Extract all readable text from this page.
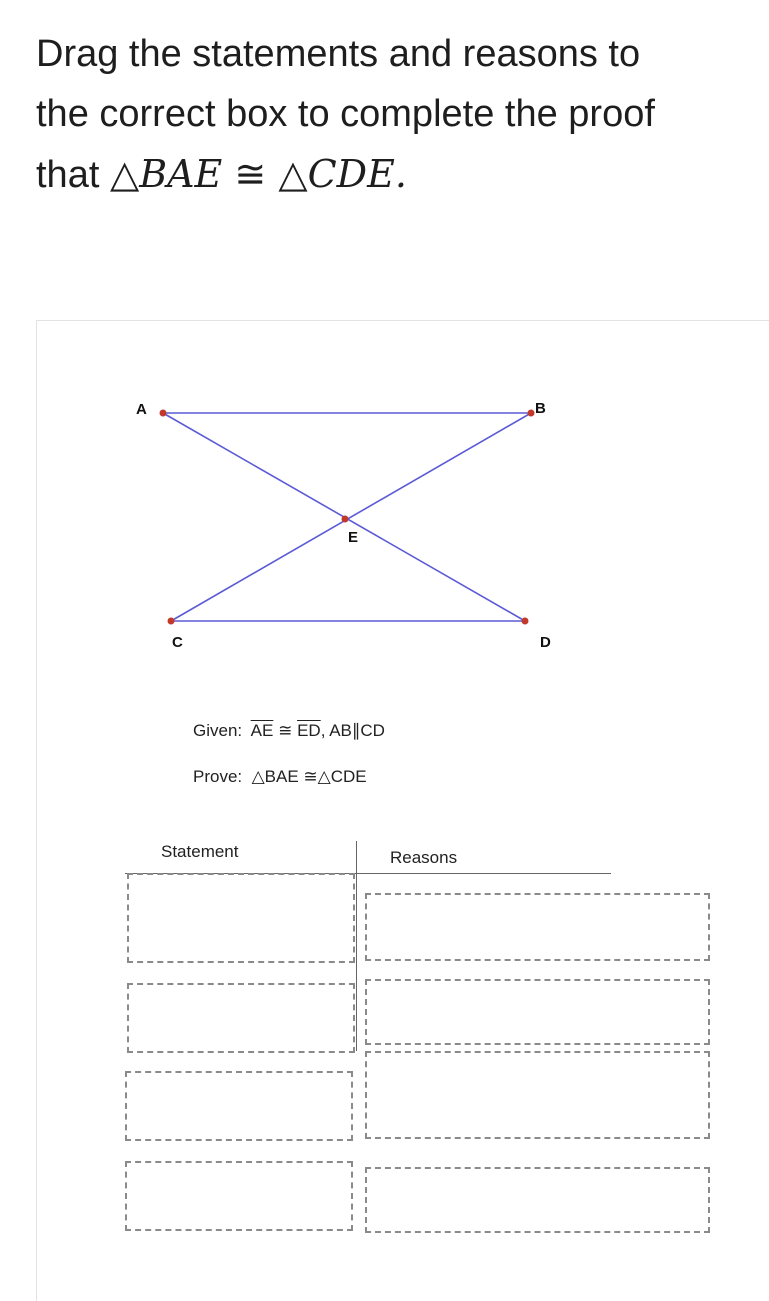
Drag the statements and reasons to
the correct box to complete the proof
that △BAE ≅ △CDE.
A	B
E
C	D
Given: $\overline{AE}$ ≅ $\overline{ED}$, AB∥CD
Prove: △BAE ≅△CDE
Statement	Reasons
